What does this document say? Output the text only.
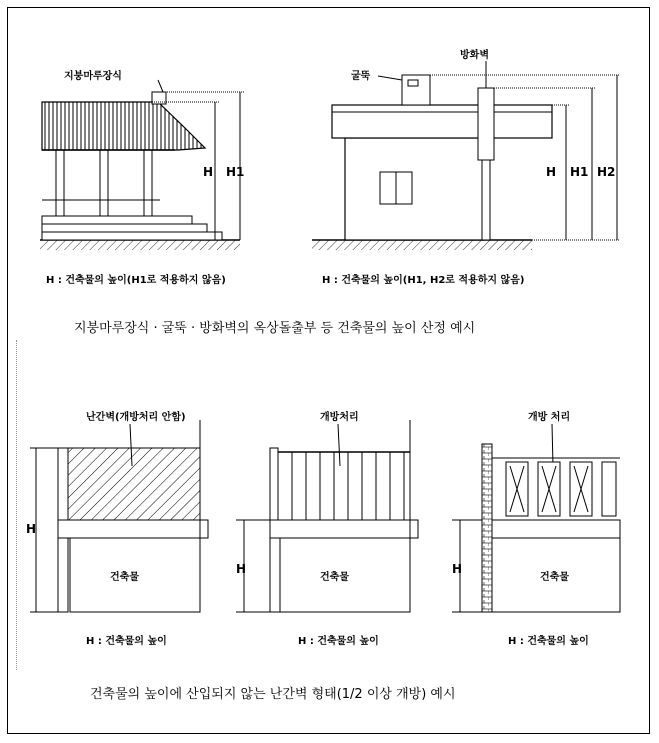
지붕마루장식
H H1
H : 건축물의 높이(H1로 적용하지 않음)
굴뚝
방화벽
H H1 H2
H : 건축물의 높이(H1, H2로 적용하지 않음)
지붕마루장식 · 굴뚝 · 방화벽의 옥상돌출부 등 건축물의 높이 산정 예시
난간벽(개방처리 안함)
H
건축물
H : 건축물의 높이
개방처리
H
건축물
H : 건축물의 높이
개방 처리
H
건축물
H : 건축물의 높이
건축물의 높이에 산입되지 않는 난간벽 형태(1/2 이상 개방) 예시
